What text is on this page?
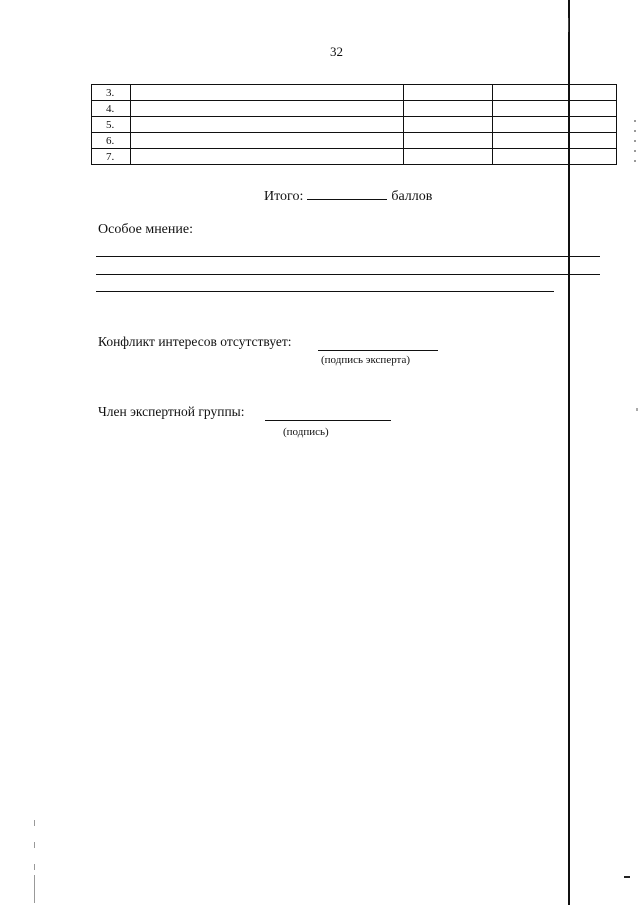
32
3.			
4.			
5.			
6.			
7.			
Итого:	баллов
Особое мнение:
Конфликт интересов отсутствует:
(подпись эксперта)
Член экспертной группы:
(подпись)
